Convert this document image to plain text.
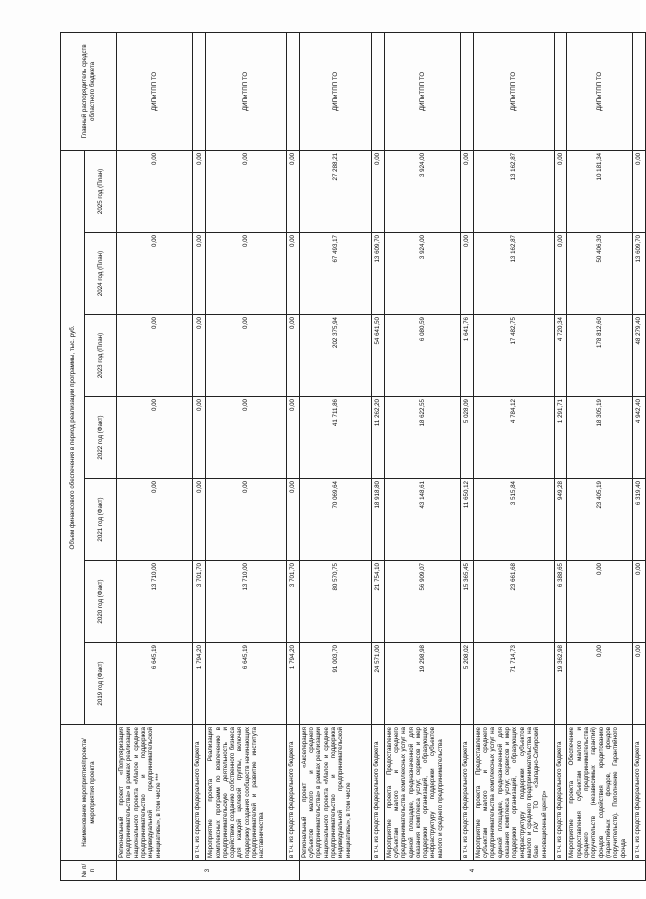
№ п/п	Наименование мероприятия/проекта/мероприятия проекта	Объем финансового обеспечения в период реализации программы, тыс. руб.							Главный распорядитель средств областного бюджета
		2019 год (Факт)	2020 год (Факт)	2021 год (Факт)	2022 год (Факт)	2023 год (План)	2024 год (План)	2025 год (План)	
3	Региональный проект «Популяризация предпринимательства» в рамках реализации национального проекта «Малое и среднее предпринимательство и поддержка индивидуальной предпринимательской инициативы», в том числе ***	6 645,19	13 710,00	0,00	0,00	0,00	0,00	0,00	ДИПиТПП ТО
	в т.ч. из средств федерального бюджета	1 794,20	3 701,70	0,00	0,00	0,00	0,00	0,00	
	Мероприятие проекта Реализация комплексных программ по вовлечению в предпринимательскую деятельность и содействию созданию собственного бизнеса для каждой целевой группы, включая поддержку создания сообществ начинающих предпринимателей и развитие института наставничества	6 645,19	13 710,00	0,00	0,00	0,00	0,00	0,00	ДИПиТПП ТО
	в т.ч. из средств федерального бюджета	1 794,20	3 701,70	0,00	0,00	0,00	0,00	0,00	
4	Региональный проект «Акселерация субъектов малого и среднего предпринимательства» в рамках реализации национального проекта «Малое и среднее предпринимательство и поддержка индивидуальной предпринимательской инициативы», в том числе	91 003,70	80 570,75	70 069,64	41 711,86	202 375,94	67 493,17	27 288,21	ДИПиТПП ТО
	в т.ч. из средств федерального бюджета	24 571,00	21 754,10	18 918,80	11 262,20	54 641,50	13 609,70	0,00	
	Мероприятие проекта Предоставление субъектам малого и среднего предпринимательства комплексных услуг на единой площадке, предназначенной для оказания комплекса услуг, сервисов и мер поддержки организаций, образующих инфраструктуру поддержки субъектов малого и среднего предпринимательства	19 298,98	56 909,07	43 148,61	18 622,55	6 080,59	3 924,00	3 924,00	ДИПиТПП ТО
	в т.ч. из средств федерального бюджета	5 208,02	15 365,45	11 650,12	5 028,09	1 641,76	0,00	0,00	
	Мероприятие проекта Предоставление субъектам малого и среднего предпринимательства комплексных услуг на единой площадке, предназначенной для оказания комплекса услуг, сервисов и мер поддержки организаций, образующих инфраструктуру поддержки субъектов малого и среднего предпринимательства на базе ГАУ ТО «Западно-Сибирский инновационный центр»	71 714,73	23 661,68	3 515,84	4 784,12	17 482,75	13 162,87	13 162,87	ДИПиТПП ТО
	в т.ч. из средств федерального бюджета	19 362,98	6 388,65	949,28	1 291,71	4 720,34	0,00	0,00	
	Мероприятие проекта Обеспечение предоставления субъектам малого и среднего предпринимательства поручительств (независимых гарантий) фондов содействия кредитованию (гарантийных фондов, фондов поручительств). Пополнение Гарантийного фонда	0,00	0,00	23 405,19	18 305,19	178 812,60	50 406,30	10 181,34	ДИПиТПП ТО
	в т.ч. из средств федерального бюджета	0,00	0,00	6 319,40	4 942,40	48 279,40	13 609,70	0,00	
